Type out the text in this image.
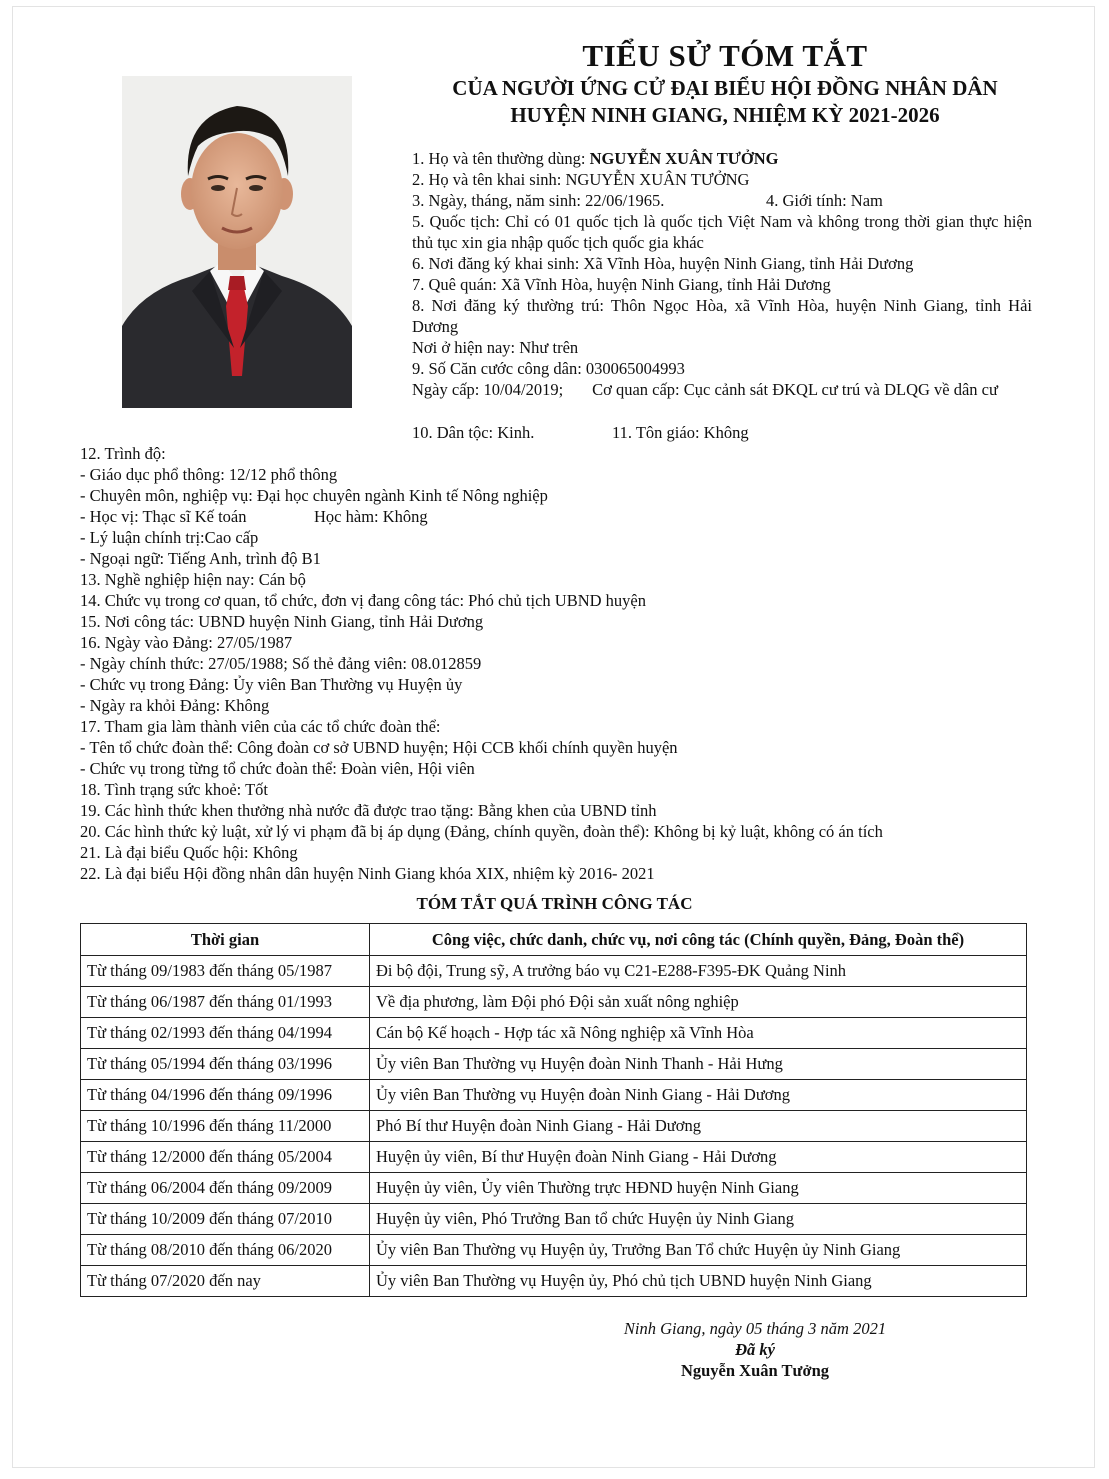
TIỂU SỬ TÓM TẮT
CỦA NGƯỜI ỨNG CỬ ĐẠI BIỂU HỘI ĐỒNG NHÂN DÂN
HUYỆN NINH GIANG, NHIỆM KỲ 2021-2026
1. Họ và tên thường dùng: NGUYỄN XUÂN TƯỞNG
2. Họ và tên khai sinh: NGUYỄN XUÂN TƯỞNG
3. Ngày, tháng, năm sinh: 22/06/1965.	4. Giới tính: Nam
5. Quốc tịch: Chỉ có 01 quốc tịch là quốc tịch Việt Nam và không trong thời gian thực hiện thủ tục xin gia nhập quốc tịch quốc gia khác
6. Nơi đăng ký khai sinh: Xã Vĩnh Hòa, huyện Ninh Giang, tỉnh Hải Dương
7. Quê quán: Xã Vĩnh Hòa, huyện Ninh Giang, tỉnh Hải Dương
8. Nơi đăng ký thường trú: Thôn Ngọc Hòa, xã Vĩnh Hòa, huyện Ninh Giang, tỉnh Hải Dương
Nơi ở hiện nay: Như trên
9. Số Căn cước công dân: 030065004993
Ngày cấp: 10/04/2019; Cơ quan cấp: Cục cảnh sát ĐKQL cư trú và DLQG về dân cư
10. Dân tộc: Kinh.	11. Tôn giáo: Không
12. Trình độ:
- Giáo dục phổ thông: 12/12 phổ thông
- Chuyên môn, nghiệp vụ: Đại học chuyên ngành Kinh tế Nông nghiệp
- Học vị: Thạc sĩ Kế toán	Học hàm: Không
- Lý luận chính trị:Cao cấp
- Ngoại ngữ: Tiếng Anh, trình độ B1
13. Nghề nghiệp hiện nay: Cán bộ
14. Chức vụ trong cơ quan, tổ chức, đơn vị đang công tác: Phó chủ tịch UBND huyện
15. Nơi công tác: UBND huyện Ninh Giang, tỉnh Hải Dương
16. Ngày vào Đảng: 27/05/1987
- Ngày chính thức: 27/05/1988; Số thẻ đảng viên: 08.012859
- Chức vụ trong Đảng: Ủy viên Ban Thường vụ Huyện ủy
- Ngày ra khỏi Đảng: Không
17. Tham gia làm thành viên của các tổ chức đoàn thể:
- Tên tổ chức đoàn thể: Công đoàn cơ sở UBND huyện; Hội CCB khối chính quyền huyện
- Chức vụ trong từng tổ chức đoàn thể: Đoàn viên, Hội viên
18. Tình trạng sức khoẻ: Tốt
19. Các hình thức khen thưởng nhà nước đã được trao tặng: Bằng khen của UBND tỉnh
20. Các hình thức kỷ luật, xử lý vi phạm đã bị áp dụng (Đảng, chính quyền, đoàn thể): Không bị kỷ luật, không có án tích
21. Là đại biểu Quốc hội: Không
22. Là đại biểu Hội đồng nhân dân huyện Ninh Giang khóa XIX, nhiệm kỳ 2016- 2021
TÓM TẮT QUÁ TRÌNH CÔNG TÁC
Thời gian	Công việc, chức danh, chức vụ, nơi công tác (Chính quyền, Đảng, Đoàn thể)
Từ tháng 09/1983 đến tháng 05/1987	Đi bộ đội, Trung sỹ, A trưởng báo vụ C21-E288-F395-ĐK Quảng Ninh
Từ tháng 06/1987 đến tháng 01/1993	Về địa phương, làm Đội phó Đội sản xuất nông nghiệp
Từ tháng 02/1993 đến tháng 04/1994	Cán bộ Kế hoạch - Hợp tác xã Nông nghiệp xã Vĩnh Hòa
Từ tháng 05/1994 đến tháng 03/1996	Ủy viên Ban Thường vụ Huyện đoàn Ninh Thanh - Hải Hưng
Từ tháng 04/1996 đến tháng 09/1996	Ủy viên Ban Thường vụ Huyện đoàn Ninh Giang - Hải Dương
Từ tháng 10/1996 đến tháng 11/2000	Phó Bí thư Huyện đoàn Ninh Giang - Hải Dương
Từ tháng 12/2000 đến tháng 05/2004	Huyện ủy viên, Bí thư Huyện đoàn Ninh Giang - Hải Dương
Từ tháng 06/2004 đến tháng 09/2009	Huyện ủy viên, Ủy viên Thường trực HĐND huyện Ninh Giang
Từ tháng 10/2009 đến tháng 07/2010	Huyện ủy viên, Phó Trưởng Ban tổ chức Huyện ủy Ninh Giang
Từ tháng 08/2010 đến tháng 06/2020	Ủy viên Ban Thường vụ Huyện ủy, Trưởng Ban Tổ chức Huyện ủy Ninh Giang
Từ tháng 07/2020 đến nay	Ủy viên Ban Thường vụ Huyện ủy, Phó chủ tịch UBND huyện Ninh Giang
Ninh Giang, ngày 05 tháng 3 năm 2021
Đã ký
Nguyễn Xuân Tưởng
